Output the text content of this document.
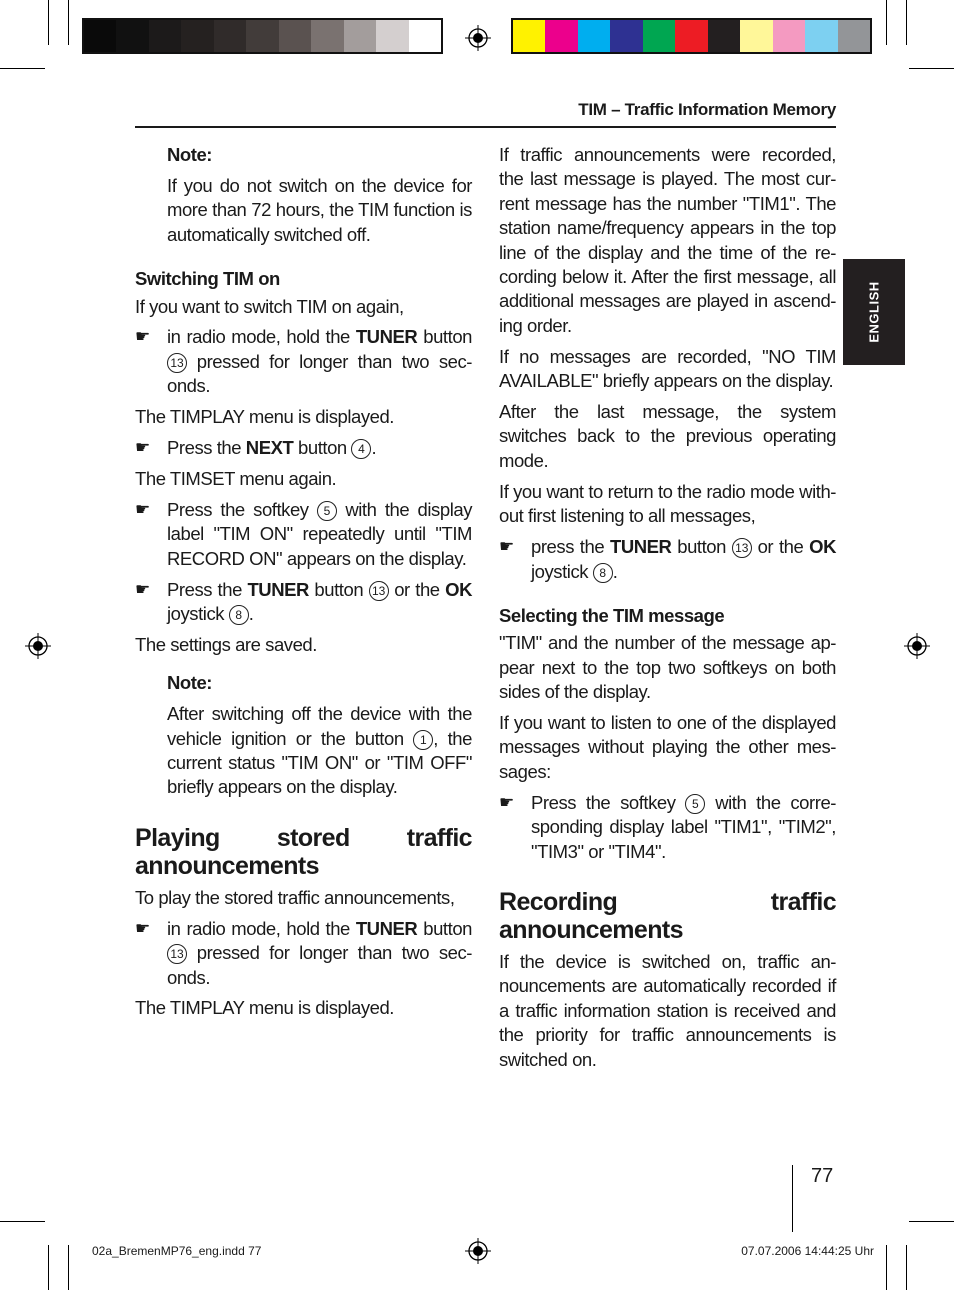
TIM – Traffic Information Memory
ENGLISH

Note:

If you do not switch on the device for more than 72 hours, the TIM function is automatically switched off.

Switching TIM on

If you want to switch TIM on again,

☛ in radio mode, hold the TUNER button 13 pressed for longer than two sec-onds.

The TIMPLAY menu is displayed.

☛ Press the NEXT button 4 .

The TIMSET menu again.

☛ Press the softkey 5 with the display label "TIM ON" repeatedly until "TIM RECORD ON" appears on the display.
☛ Press the TUNER button 13 or the OK joystick 8 .

The settings are saved.

Note:

After switching off the device with the vehicle ignition or the button 1 , the current status "TIM ON" or "TIM OFF" briefly appears on the display.

Playing stored traffic announcements

To play the stored traffic announcements,

☛ in radio mode, hold the TUNER button 13 pressed for longer than two sec-onds.

The TIMPLAY menu is displayed.

If traffic announcements were recorded, the last message is played. The most cur-rent message has the number "TIM1". The station name/frequency appears in the top line of the display and the time of the re-cording below it. After the first message, all additional messages are played in ascend-ing order.

If no messages are recorded, "NO TIM AVAILABLE" briefly appears on the display.

After the last message, the system switches back to the previous operating mode.

If you want to return to the radio mode with-out first listening to all messages,

☛ press the TUNER button 13 or the OK joystick 8 .

Selecting the TIM message

"TIM" and the number of the message ap-pear next to the top two softkeys on both sides of the display.

If you want to listen to one of the displayed messages without playing the other mes-sages:

☛ Press the softkey 5 with the corre-sponding display label "TIM1", "TIM2", "TIM3" or "TIM4".

Recording traffic announcements

If the device is switched on, traffic an-nouncements are automatically recorded if a traffic information station is received and the priority for traffic announcements is switched on.

77
02a_BremenMP76_eng.indd 77	07.07.2006 14:44:25 Uhr
